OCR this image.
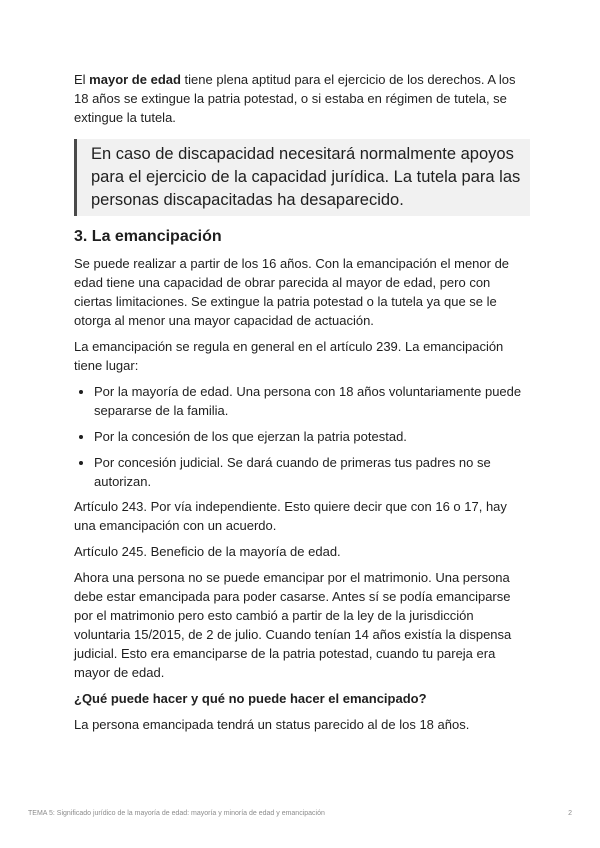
El mayor de edad tiene plena aptitud para el ejercicio de los derechos. A los 18 años se extingue la patria potestad, o si estaba en régimen de tutela, se extingue la tutela.

En caso de discapacidad necesitará normalmente apoyos para el ejercicio de la capacidad jurídica. La tutela para las personas discapacitadas ha desaparecido.
3. La emancipación

Se puede realizar a partir de los 16 años. Con la emancipación el menor de edad tiene una capacidad de obrar parecida al mayor de edad, pero con ciertas limitaciones. Se extingue la patria potestad o la tutela ya que se le otorga al menor una mayor capacidad de actuación.

La emancipación se regula en general en el artículo 239. La emancipación tiene lugar:

• Por la mayoría de edad. Una persona con 18 años voluntariamente puede separarse de la familia.
• Por la concesión de los que ejerzan la patria potestad.
• Por concesión judicial. Se dará cuando de primeras tus padres no se autorizan.

Artículo 243. Por vía independiente. Esto quiere decir que con 16 o 17, hay una emancipación con un acuerdo.

Artículo 245. Beneficio de la mayoría de edad.

Ahora una persona no se puede emancipar por el matrimonio. Una persona debe estar emancipada para poder casarse. Antes sí se podía emanciparse por el matrimonio pero esto cambió a partir de la ley de la jurisdicción voluntaria 15/2015, de 2 de julio. Cuando tenían 14 años existía la dispensa judicial. Esto era emanciparse de la patria potestad, cuando tu pareja era mayor de edad.

¿Qué puede hacer y qué no puede hacer el emancipado?

La persona emancipada tendrá un status parecido al de los 18 años.

TEMA 5: Significado jurídico de la mayoría de edad: mayoría y minoría de edad y emancipación	2
